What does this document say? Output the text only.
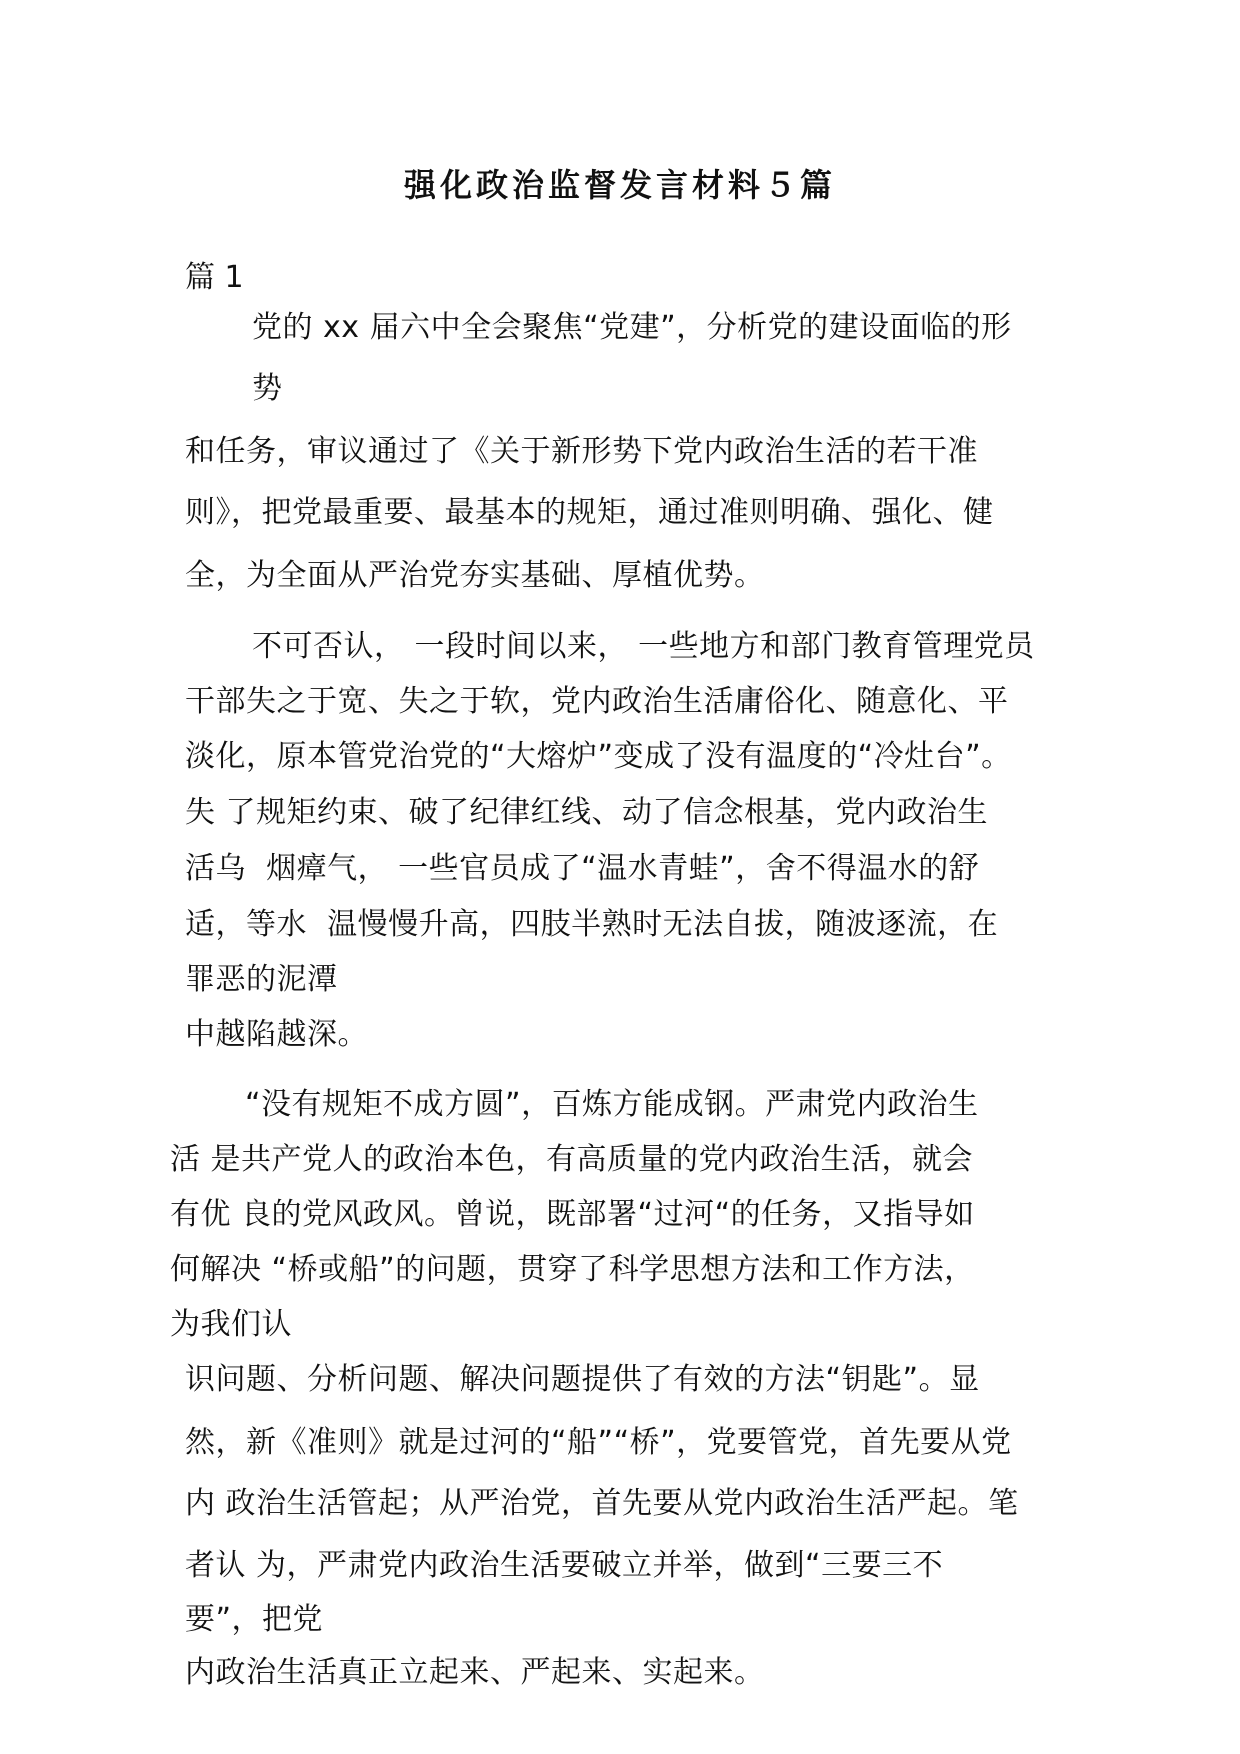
强化政治监督发言材料５篇
篇 1
党的 xx 届六中全会聚焦“党建”，分析党的建设面临的形
势
和任务，审议通过了《关于新形势下党内政治生活的若干准
则》，把党最重要、最基本的规矩，通过准则明确、强化、健
全，为全面从严治党夯实基础、厚植优势。
不可否认， 一段时间以来， 一些地方和部门教育管理党员
干部失之于宽、失之于软，党内政治生活庸俗化、随意化、平
淡化，原本管党治党的“大熔炉”变成了没有温度的“冷灶台”。
失 了规矩约束、破了纪律红线、动了信念根基，党内政治生
活乌  烟瘴气， 一些官员成了“温水青蛙”，舍不得温水的舒
适，等水  温慢慢升高，四肢半熟时无法自拔，随波逐流，在
罪恶的泥潭
中越陷越深。
“没有规矩不成方圆”，百炼方能成钢。严肃党内政治生
活 是共产党人的政治本色，有高质量的党内政治生活，就会
有优 良的党风政风。曾说，既部署“过河“的任务，又指导如
何解决 “桥或船”的问题，贯穿了科学思想方法和工作方法，
为我们认
识问题、分析问题、解决问题提供了有效的方法“钥匙”。显
然，新《准则》就是过河的“船”“桥”，党要管党，首先要从党
内 政治生活管起；从严治党，首先要从党内政治生活严起。笔
者认 为，严肃党内政治生活要破立并举，做到“三要三不
要”，把党
内政治生活真正立起来、严起来、实起来。
